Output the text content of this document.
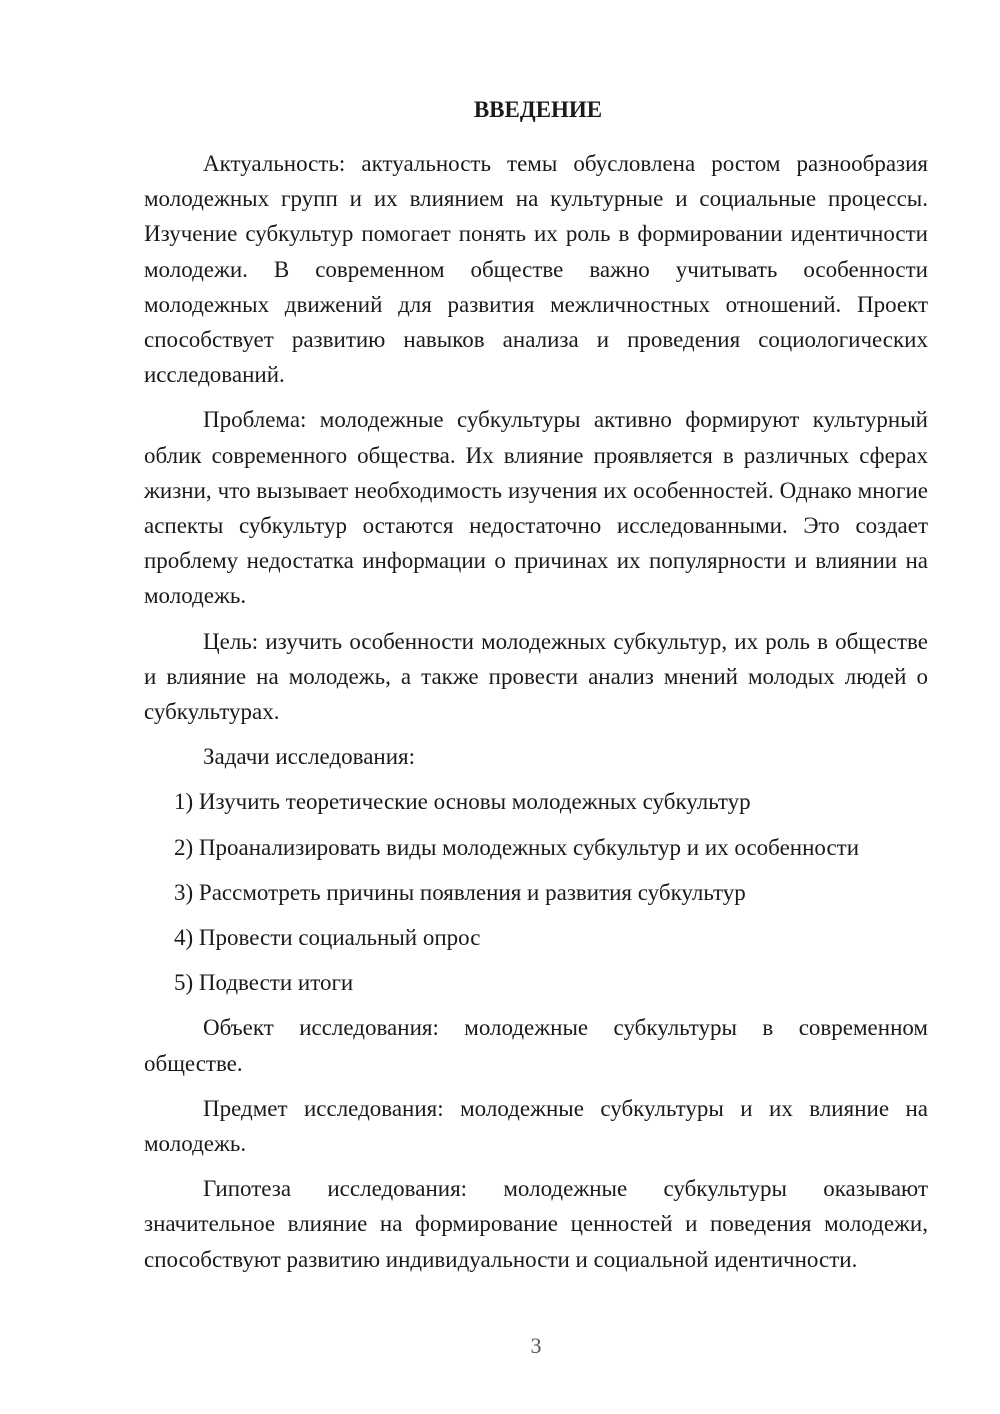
ВВЕДЕНИЕ

Актуальность: актуальность темы обусловлена ростом разнообразия молодежных групп и их влиянием на культурные и социальные процессы. Изучение субкультур помогает понять их роль в формировании идентичности молодежи. В современном обществе важно учитывать особенности молодежных движений для развития межличностных отношений. Проект способствует развитию навыков анализа и проведения социологических исследований.

Проблема: молодежные субкультуры активно формируют культурный облик современного общества. Их влияние проявляется в различных сферах жизни, что вызывает необходимость изучения их особенностей. Однако многие аспекты субкультур остаются недостаточно исследованными. Это создает проблему недостатка информации о причинах их популярности и влиянии на молодежь.

Цель: изучить особенности молодежных субкультур, их роль в обществе и влияние на молодежь, а также провести анализ мнений молодых людей о субкультурах.

Задачи исследования:

1) Изучить теоретические основы молодежных субкультур

2) Проанализировать виды молодежных субкультур и их особенности

3) Рассмотреть причины появления и развития субкультур

4) Провести социальный опрос

5) Подвести итоги

Объект исследования: молодежные субкультуры в современном обществе.

Предмет исследования: молодежные субкультуры и их влияние на молодежь.

Гипотеза исследования: молодежные субкультуры оказывают значительное влияние на формирование ценностей и поведения молодежи, способствуют развитию индивидуальности и социальной идентичности.

3
